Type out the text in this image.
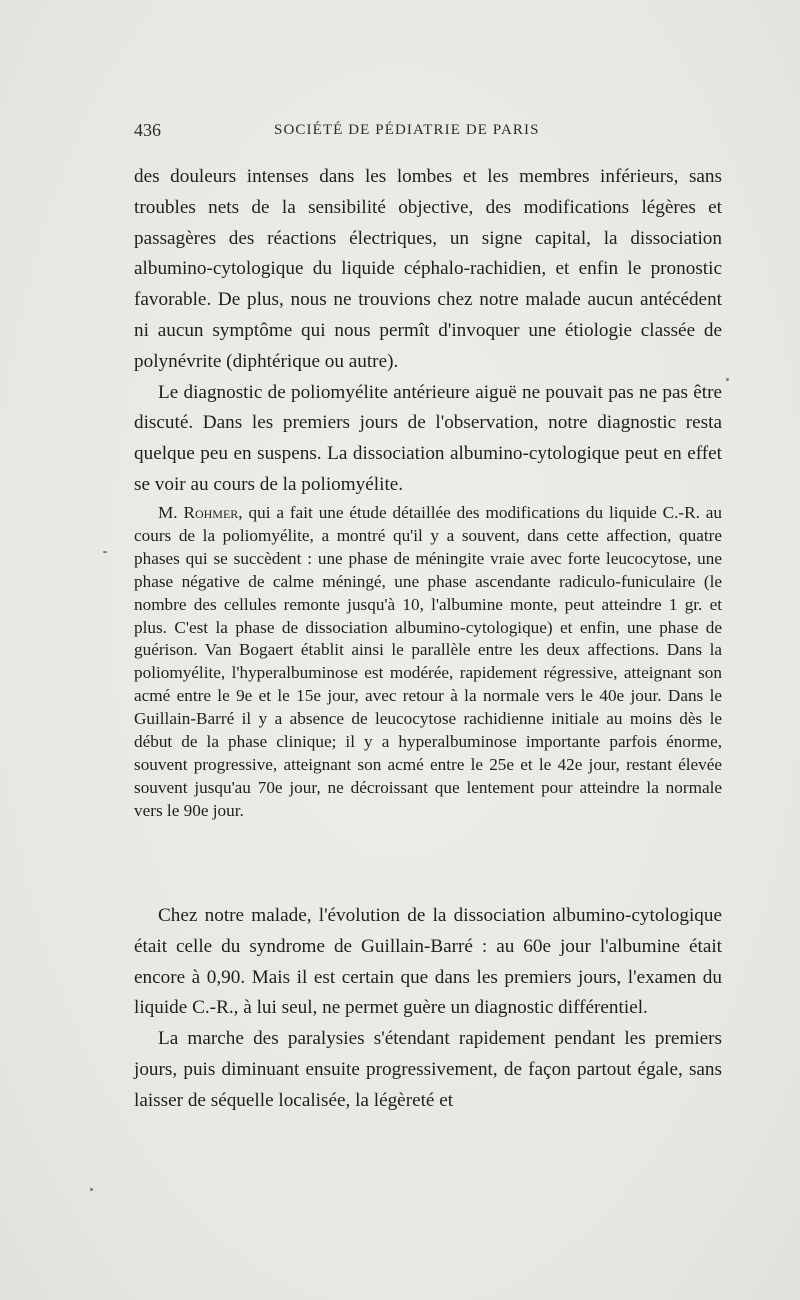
436	SOCIÉTÉ DE PÉDIATRIE DE PARIS

des douleurs intenses dans les lombes et les membres inférieurs, sans troubles nets de la sensibilité objective, des modifications légères et passagères des réactions électriques, un signe capital, la dissociation albumino-cytologique du liquide céphalo-rachidien, et enfin le pronostic favorable. De plus, nous ne trouvions chez notre malade aucun antécédent ni aucun symptôme qui nous permît d'invoquer une étiologie classée de polynévrite (diphtérique ou autre).

Le diagnostic de poliomyélite antérieure aiguë ne pouvait pas ne pas être discuté. Dans les premiers jours de l'observation, notre diagnostic resta quelque peu en suspens. La dissociation albumino-cytologique peut en effet se voir au cours de la poliomyélite.

M. Rohmer, qui a fait une étude détaillée des modifications du liquide C.-R. au cours de la poliomyélite, a montré qu'il y a souvent, dans cette affection, quatre phases qui se succèdent : une phase de méningite vraie avec forte leucocytose, une phase négative de calme méningé, une phase ascendante radiculo-funiculaire (le nombre des cellules remonte jusqu'à 10, l'albumine monte, peut atteindre 1 gr. et plus. C'est la phase de dissociation albumino-cytologique) et enfin, une phase de guérison. Van Bogaert établit ainsi le parallèle entre les deux affections. Dans la poliomyélite, l'hyperalbuminose est modérée, rapidement régressive, atteignant son acmé entre le 9e et le 15e jour, avec retour à la normale vers le 40e jour. Dans le Guillain-Barré il y a absence de leucocytose rachidienne initiale au moins dès le début de la phase clinique; il y a hyperalbuminose importante parfois énorme, souvent progressive, atteignant son acmé entre le 25e et le 42e jour, restant élevée souvent jusqu'au 70e jour, ne décroissant que lentement pour atteindre la normale vers le 90e jour.

Chez notre malade, l'évolution de la dissociation albumino-cytologique était celle du syndrome de Guillain-Barré : au 60e jour l'albumine était encore à 0,90. Mais il est certain que dans les premiers jours, l'examen du liquide C.-R., à lui seul, ne permet guère un diagnostic différentiel.

La marche des paralysies s'étendant rapidement pendant les premiers jours, puis diminuant ensuite progressivement, de façon partout égale, sans laisser de séquelle localisée, la légèreté et
